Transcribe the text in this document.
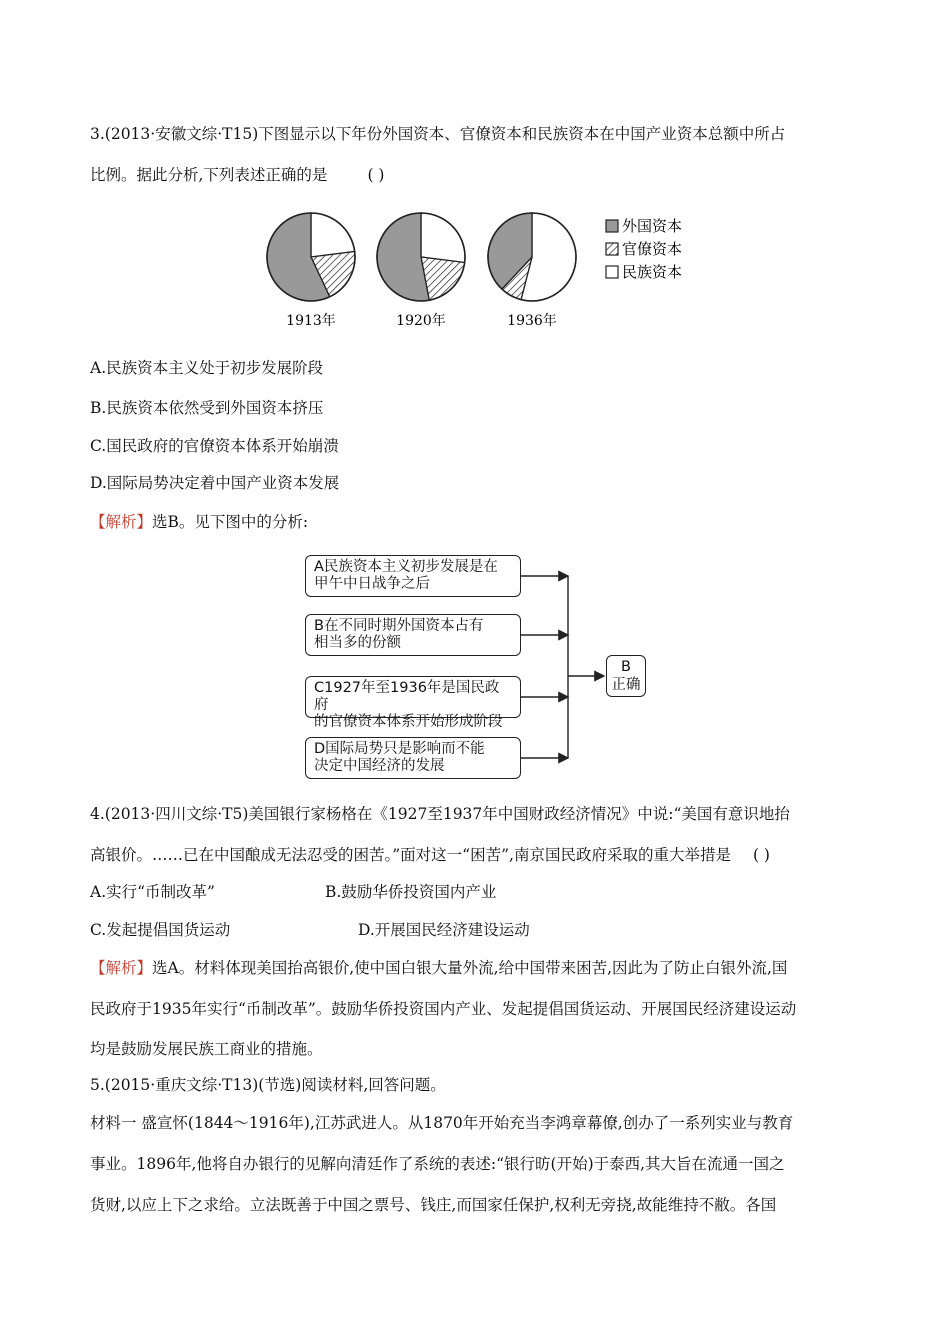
3.(2013·安徽文综·T15)下图显示以下年份外国资本、官僚资本和民族资本在中国产业资本总额中所占
比例。据此分析,下列表述正确的是	( )
1913年	1920年	1936年
外国资本
官僚资本
民族资本
A.民族资本主义处于初步发展阶段
B.民族资本依然受到外国资本挤压
C.国民政府的官僚资本体系开始崩溃
D.国际局势决定着中国产业资本发展
【解析】选B。见下图中的分析:
A民族资本主义初步发展是在
甲午中日战争之后
B在不同时期外国资本占有
相当多的份额
C1927年至1936年是国民政府
的官僚资本体系开始形成阶段
D国际局势只是影响而不能
决定中国经济的发展
B
正确
4.(2013·四川文综·T5)美国银行家杨格在《1927至1937年中国财政经济情况》中说:“美国有意识地抬
高银价。……已在中国酿成无法忍受的困苦。”面对这一“困苦”,南京国民政府采取的重大举措是 ( )
A.实行“币制改革”	B.鼓励华侨投资国内产业
C.发起提倡国货运动	D.开展国民经济建设运动
【解析】选A。材料体现美国抬高银价,使中国白银大量外流,给中国带来困苦,因此为了防止白银外流,国
民政府于1935年实行“币制改革”。鼓励华侨投资国内产业、发起提倡国货运动、开展国民经济建设运动
均是鼓励发展民族工商业的措施。
5.(2015·重庆文综·T13)(节选)阅读材料,回答问题。
材料一 盛宣怀(1844～1916年),江苏武进人。从1870年开始充当李鸿章幕僚,创办了一系列实业与教育
事业。1896年,他将自办银行的见解向清廷作了系统的表述:“银行昉(开始)于泰西,其大旨在流通一国之
货财,以应上下之求给。立法既善于中国之票号、钱庄,而国家任保护,权利无旁挠,故能维持不敝。各国
